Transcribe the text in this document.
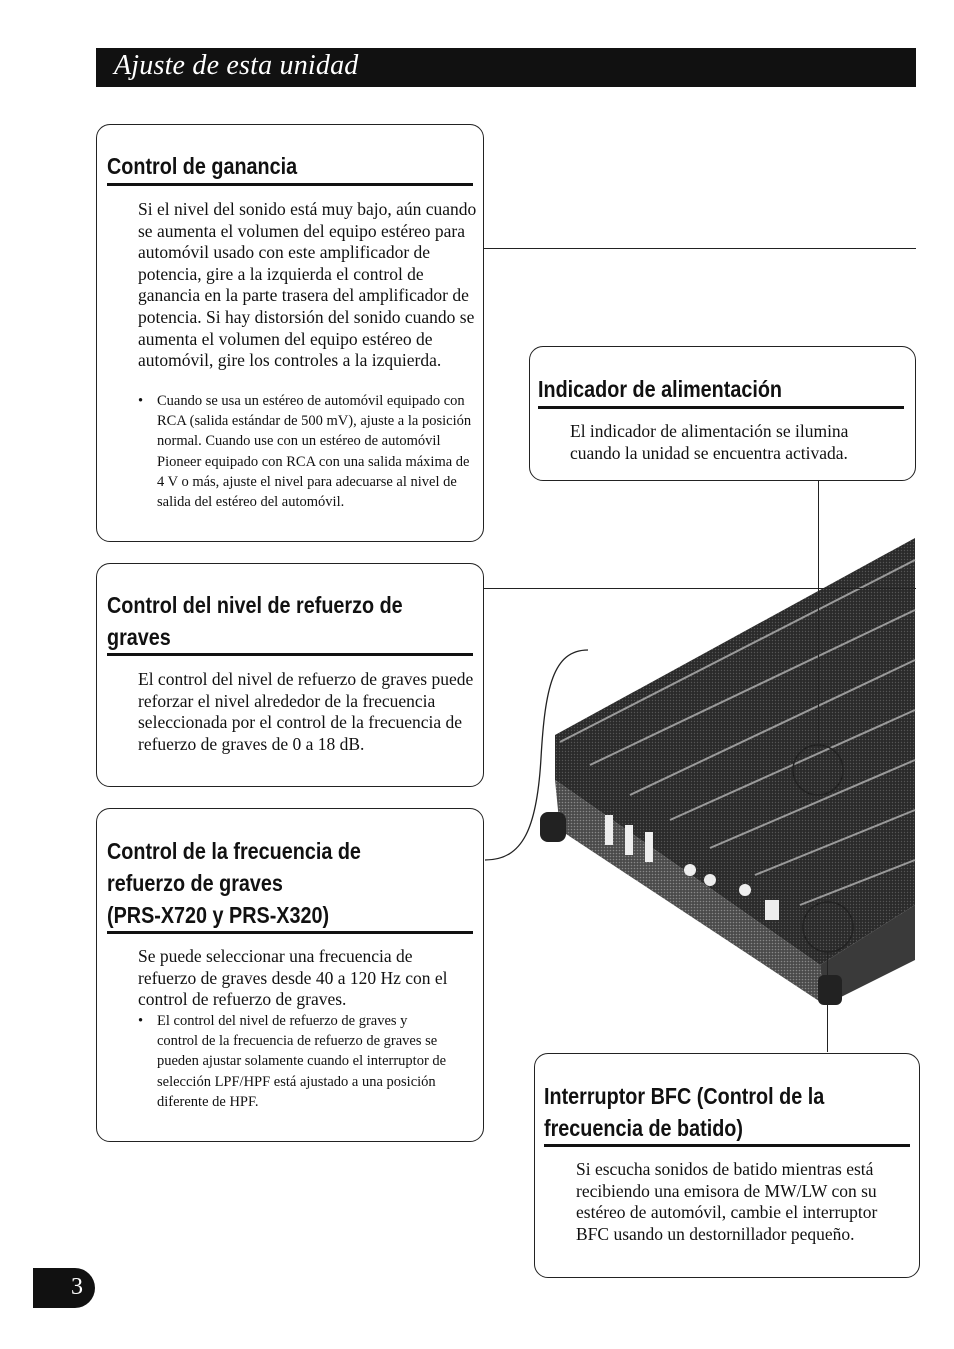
Ajuste de esta unidad
Control de ganancia
Si el nivel del sonido está muy bajo, aún cuando se aumenta el volumen del equipo estéreo para automóvil usado con este amplificador de potencia, gire a la izquierda el control de ganancia en la parte trasera del amplificador de potencia. Si hay distorsión del sonido cuando se aumenta el volumen del equipo estéreo de automóvil, gire los controles a la izquierda.
• Cuando se usa un estéreo de automóvil equipado con RCA (salida estándar de 500 mV), ajuste a la posición normal. Cuando use con un estéreo de automóvil Pioneer equipado con RCA con una salida máxima de 4 V o más, ajuste el nivel para adecuarse al nivel de salida del estéreo del automóvil.
Indicador de alimentación
El indicador de alimentación se ilumina cuando la unidad se encuentra activada.
Control del nivel de refuerzo de
graves
El control del nivel de refuerzo de graves puede reforzar el nivel alrededor de la frecuencia seleccionada por el control de la frecuencia de refuerzo de graves de 0 a 18 dB.
Control de la frecuencia de
refuerzo de graves
(PRS-X720 y PRS-X320)
Se puede seleccionar una frecuencia de refuerzo de graves desde 40 a 120 Hz con el control de refuerzo de graves.
• El control del nivel de refuerzo de graves y control de la frecuencia de refuerzo de graves se pueden ajustar solamente cuando el interruptor de selección LPF/HPF está ajustado a una posición diferente de HPF.	Interruptor BFC (Control de la
frecuencia de batido)
Si escucha sonidos de batido mientras está recibiendo una emisora de MW/LW con su estéreo de automóvil, cambie el interruptor BFC usando un destornillador pequeño.
3
